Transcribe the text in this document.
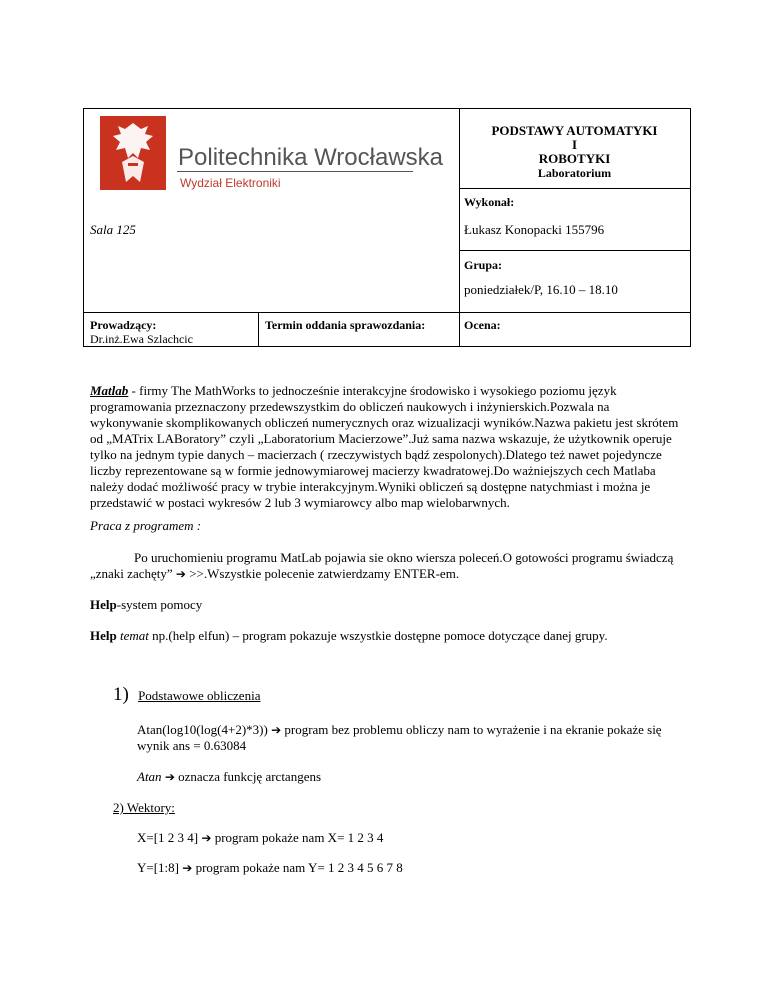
Politechnika Wrocławska
Wydział Elektroniki
PODSTAWY AUTOMATYKI
I
ROBOTYKI
Laboratorium
Wykonał:
Sala 125	Łukasz Konopacki 155796
Grupa:
poniedziałek/P, 16.10 – 18.10
Prowadzący:
Dr.inż.Ewa Szlachcic
Termin oddania sprawozdania:	Ocena:
Matlab - firmy The MathWorks to jednocześnie interakcyjne środowisko i wysokiego poziomu język programowania przeznaczony przedewszystkim do obliczeń naukowych i inżynierskich.Pozwala na wykonywanie skomplikowanych obliczeń numerycznych oraz wizualizacji wyników.Nazwa pakietu jest skrótem od „MATrix LABoratory” czyli „Laboratorium Macierzowe”.Już sama nazwa wskazuje, że użytkownik operuje tylko na jednym typie danych – macierzach ( rzeczywistych bądź zespolonych).Dlatego też nawet pojedyncze liczby reprezentowane są w formie jednowymiarowej macierzy kwadratowej.Do ważniejszych cech Matlaba należy dodać możliwość pracy w trybie interakcyjnym.Wyniki obliczeń są dostępne natychmiast i można je przedstawić w postaci wykresów 2 lub 3 wymiarowcy albo map wielobarwnych.
Praca z programem :
Po uruchomieniu programu MatLab pojawia sie okno wiersza poleceń.O gotowości programu świadczą „znaki zachęty” ➔ >>.Wszystkie polecenie zatwierdzamy ENTER-em.
Help-system pomocy
Help temat np.(help elfun) – program pokazuje wszystkie dostępne pomoce dotyczące danej grupy.
1) Podstawowe obliczenia
Atan(log10(log(4+2)*3)) ➔ program bez problemu obliczy nam to wyrażenie i na ekranie pokaże się
wynik ans = 0.63084
Atan ➔ oznacza funkcję arctangens
2) Wektory:
X=[1 2 3 4] ➔ program pokaże nam X= 1 2 3 4
Y=[1:8] ➔ program pokaże nam Y= 1 2 3 4 5 6 7 8
